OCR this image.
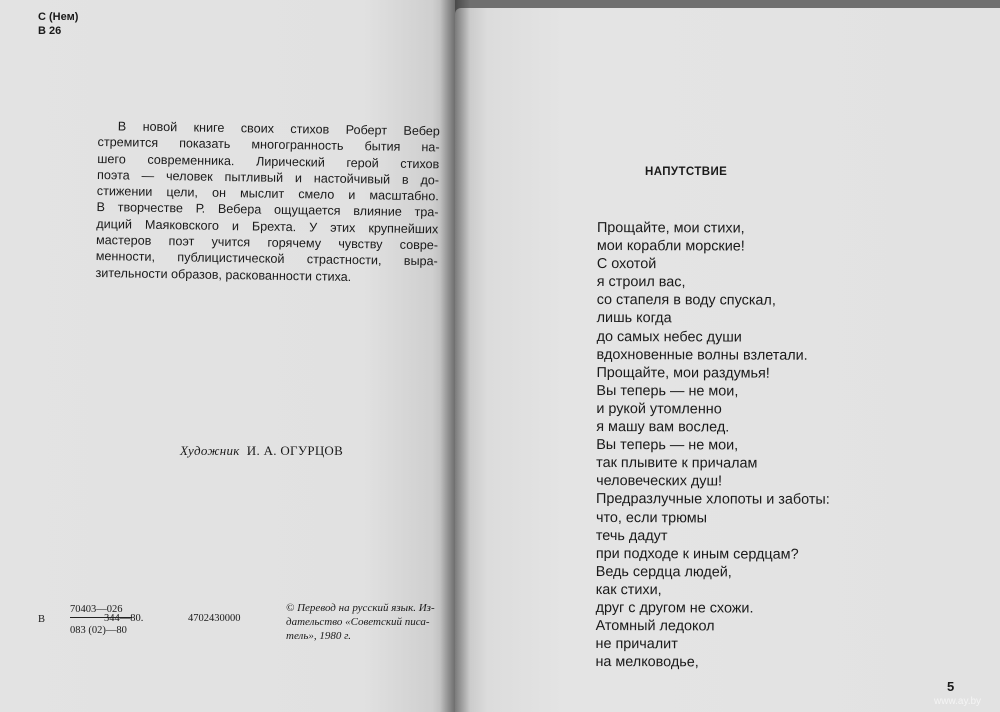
С (Нем)
В 26

В новой книге своих стихов Роберт Вебер

стремится показать многогранность бытия на-
шего современника. Лирический герой стихов
поэта — человек пытливый и настойчивый в до-
стижении цели, он мыслит смело и масштабно.
В творчестве Р. Вебера ощущается влияние тра-
диций Маяковского и Брехта. У этих крупнейших
мастеров поэт учится горячему чувству совре-
менности, публицистической страстности, выра-
зительности образов, раскованности стиха.
Художник И. А. ОГУРЦОВ
В
70403—026
083 (02)—80
344—80.	4702430000
© Перевод на русский язык. Из-
дательство «Советский писа-
тель», 1980 г.
НАПУТСТВИЕ
Прощайте, мои стихи,
мои корабли морские!
С охотой
я строил вас,
со стапеля в воду спускал,
лишь когда
до самых небес души
вдохновенные волны взлетали.
Прощайте, мои раздумья!
Вы теперь — не мои,
и рукой утомленно
я машу вам вослед.
Вы теперь — не мои,
так плывите к причалам
человеческих душ!
Предразлучные хлопоты и заботы:
что, если трюмы
течь дадут
при подходе к иным сердцам?
Ведь сердца людей,
как стихи,
друг с другом не схожи.
Атомный ледокол
не причалит
на мелководье,
5
www.ay.by
